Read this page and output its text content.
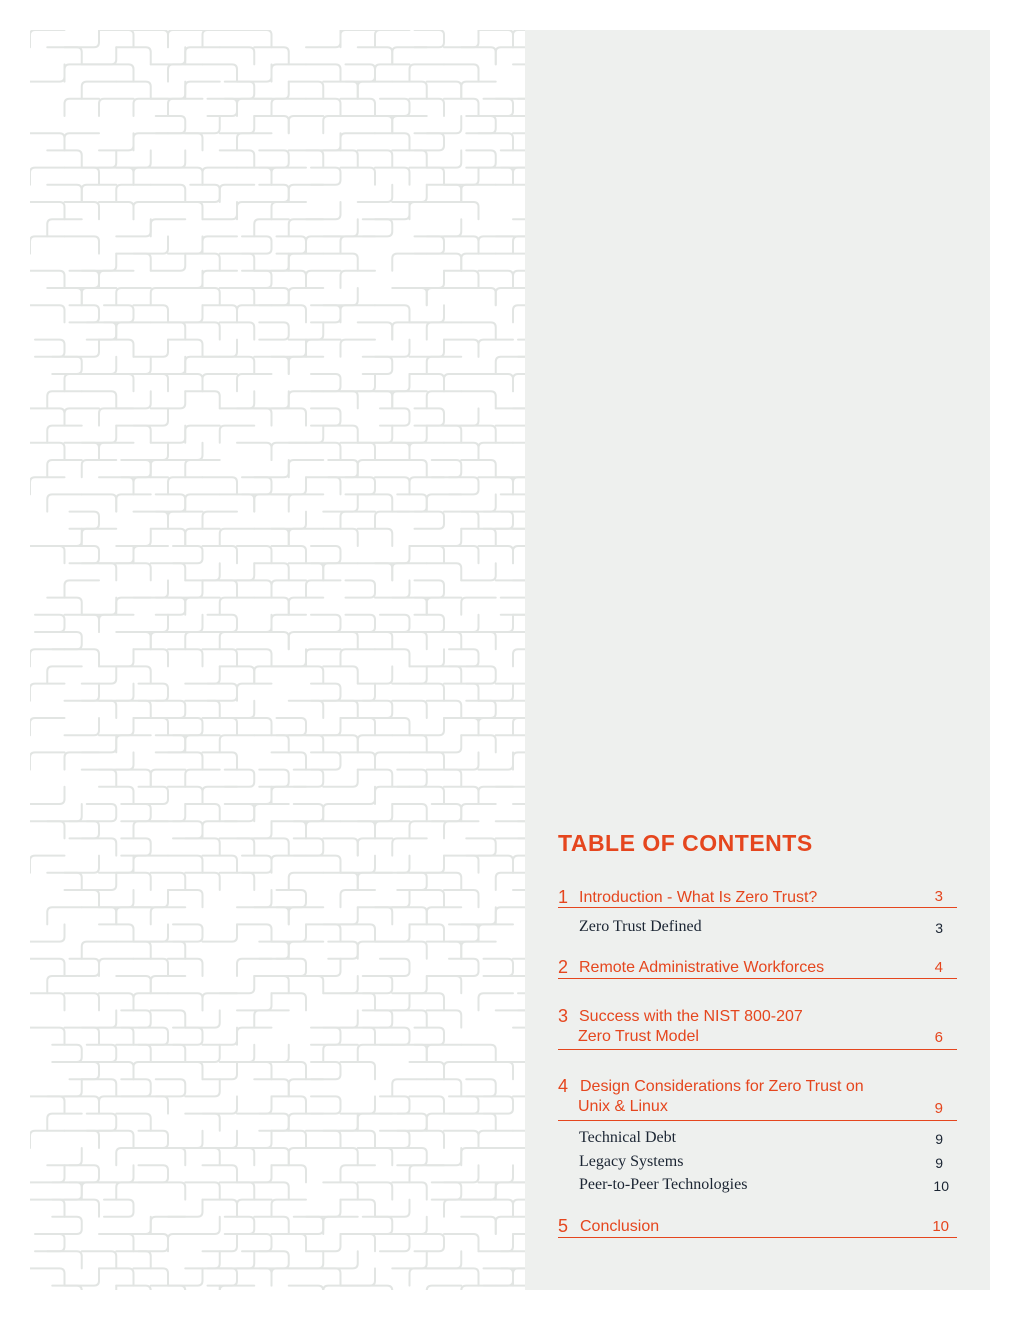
TABLE OF CONTENTS
1 Introduction - What Is Zero Trust?	3
Zero Trust Defined	3
2 Remote Administrative Workforces	4
3 Success with the NIST 800-207
Zero Trust Model	6
4 Design Considerations for Zero Trust on
Unix & Linux	9
Technical Debt	9
Legacy Systems	9
Peer-to-Peer Technologies	10
5 Conclusion	10
